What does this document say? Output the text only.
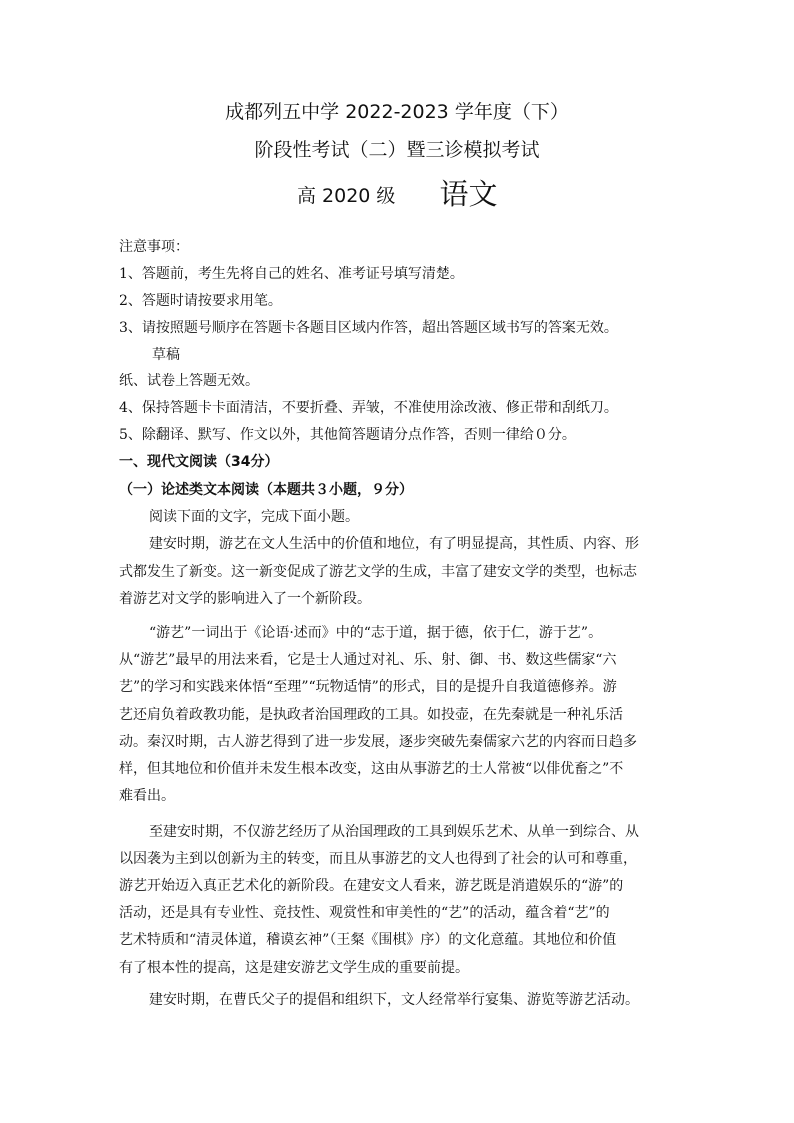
成都列五中学 2022-2023 学年度（下）
阶段性考试（二）暨三诊模拟考试
高 2020 级 语文
注意事项：
1、答题前，考生先将自己的姓名、准考证号填写清楚。
2、答题时请按要求用笔。
3、请按照题号顺序在答题卡各题目区域内作答，超出答题区域书写的答案无效。
草稿
纸、试卷上答题无效。
4、保持答题卡卡面清洁，不要折叠、弄皱，不准使用涂改液、修正带和刮纸刀。
5、除翻译、默写、作文以外，其他简答题请分点作答，否则一律给０分。
一、现代文阅读（34分）
（一）论述类文本阅读（本题共３小题，９分）
阅读下面的文字，完成下面小题。
建安时期，游艺在文人生活中的价值和地位，有了明显提高，其性质、内容、形
式都发生了新变。这一新变促成了游艺文学的生成，丰富了建安文学的类型，也标志
着游艺对文学的影响进入了一个新阶段。
“游艺”一词出于《论语·述而》中的“志于道，据于德，依于仁，游于艺”。
从“游艺”最早的用法来看，它是士人通过对礼、乐、射、御、书、数这些儒家“六
艺”的学习和实践来体悟“至理”“玩物适情”的形式，目的是提升自我道德修养。游
艺还肩负着政教功能，是执政者治国理政的工具。如投壶，在先秦就是一种礼乐活
动。秦汉时期，古人游艺得到了进一步发展，逐步突破先秦儒家六艺的内容而日趋多
样，但其地位和价值并未发生根本改变，这由从事游艺的士人常被“以俳优畜之”不
难看出。
至建安时期，不仅游艺经历了从治国理政的工具到娱乐艺术、从单一到综合、从
以因袭为主到以创新为主的转变，而且从事游艺的文人也得到了社会的认可和尊重，
游艺开始迈入真正艺术化的新阶段。在建安文人看来，游艺既是消遣娱乐的“游”的
活动，还是具有专业性、竞技性、观赏性和审美性的“艺”的活动，蕴含着“艺”的
艺术特质和“清灵体道，稽谟玄神”（王粲《围棋》序）的文化意蕴。其地位和价值
有了根本性的提高，这是建安游艺文学生成的重要前提。
建安时期，在曹氏父子的提倡和组织下，文人经常举行宴集、游览等游艺活动。
